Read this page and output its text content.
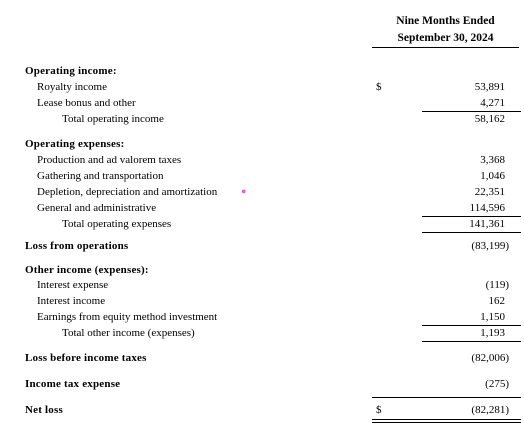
Nine Months Ended
September 30, 2024
Operating income:
Royalty income	$	53,891
Lease bonus and other	4,271
Total operating income	58,162
Operating expenses:
Production and ad valorem taxes	3,368
Gathering and transportation	1,046
Depletion, depreciation and amortization	22,351
●
General and administrative	114,596
Total operating expenses	141,361
Loss from operations	(83,199)
Other income (expenses):
Interest expense	(119)
Interest income	162
Earnings from equity method investment	1,150
Total other income (expenses)	1,193
Loss before income taxes	(82,006)
Income tax expense	(275)
Net loss	$	(82,281)
